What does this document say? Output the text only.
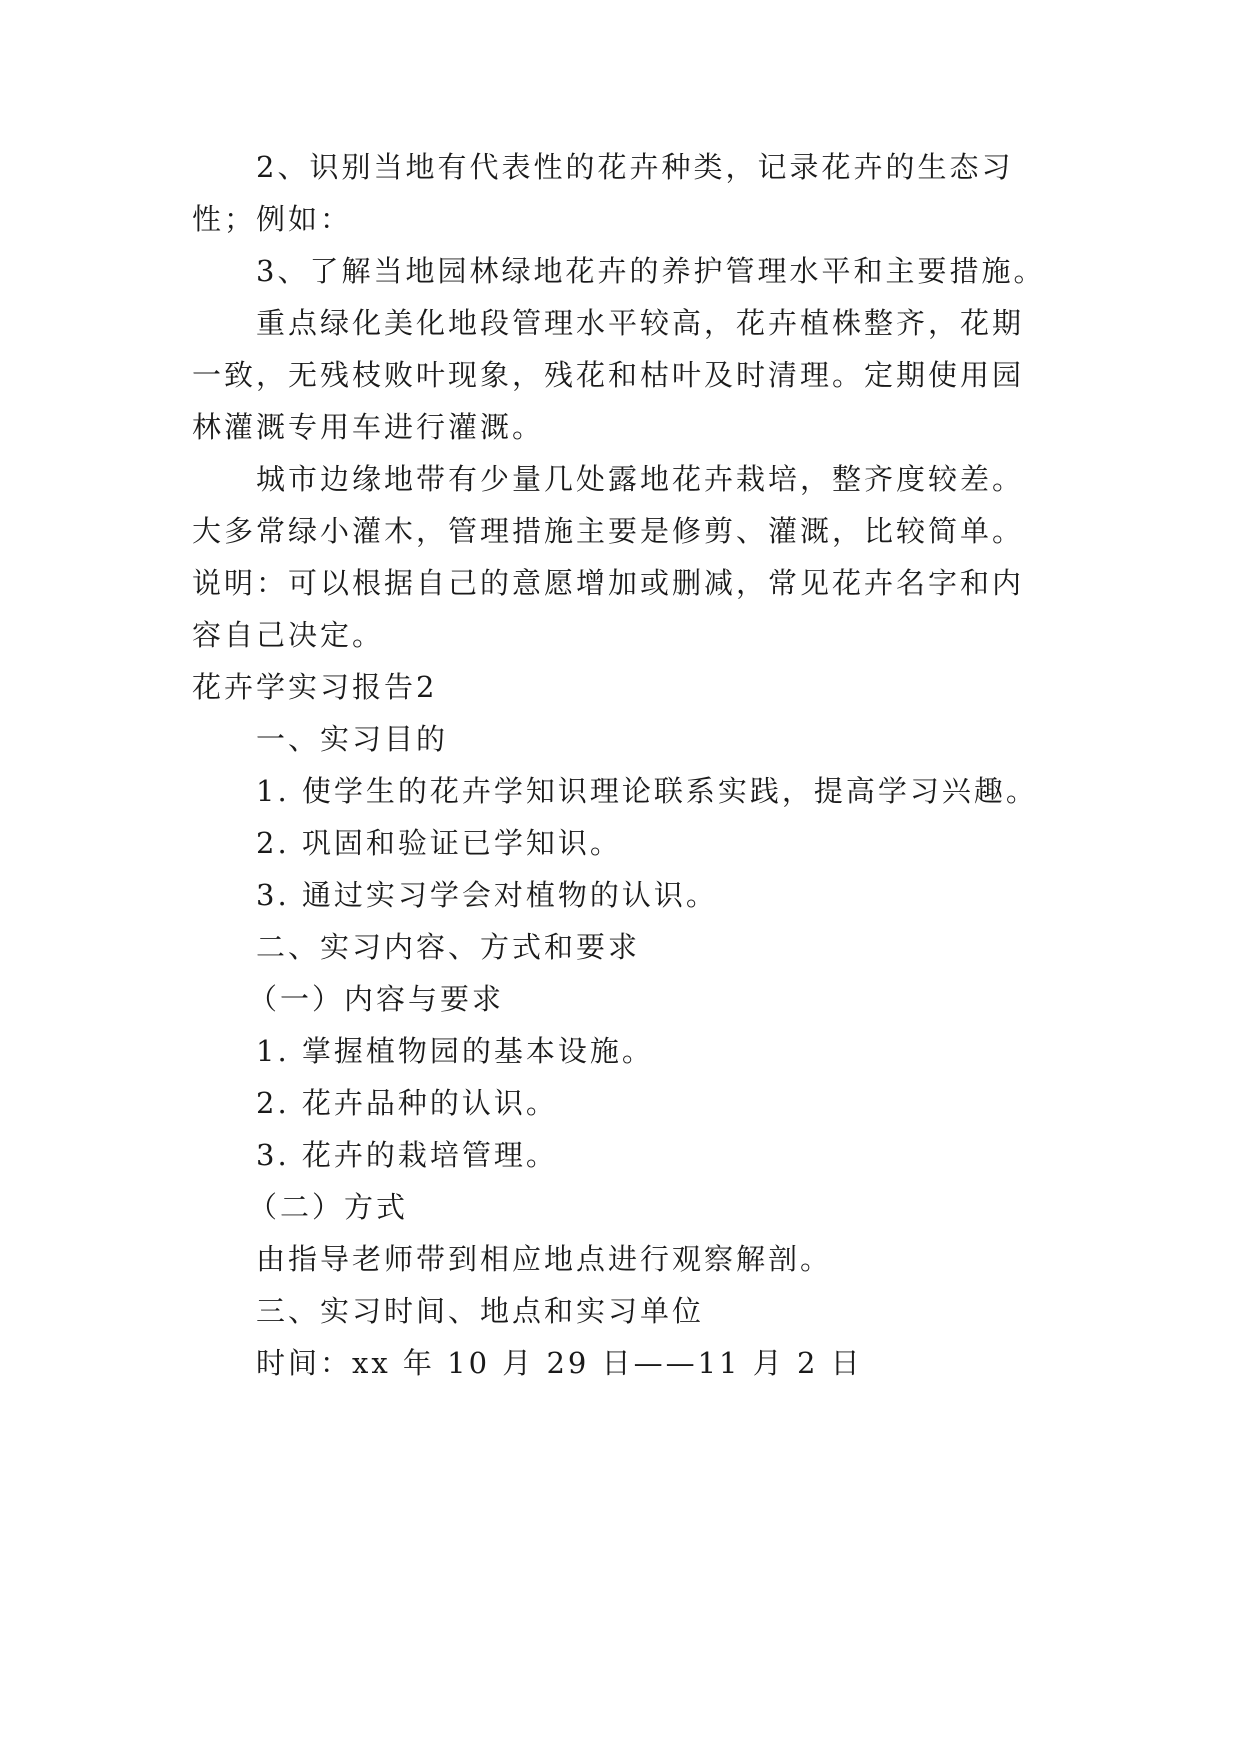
2、识别当地有代表性的花卉种类，记录花卉的生态习
性；例如：
3、了解当地园林绿地花卉的养护管理水平和主要措施。
重点绿化美化地段管理水平较高，花卉植株整齐，花期
一致，无残枝败叶现象，残花和枯叶及时清理。定期使用园
林灌溉专用车进行灌溉。
城市边缘地带有少量几处露地花卉栽培，整齐度较差。
大多常绿小灌木，管理措施主要是修剪、灌溉，比较简单。
说明：可以根据自己的意愿增加或删减，常见花卉名字和内
容自己决定。
花卉学实习报告2
一、实习目的
1. 使学生的花卉学知识理论联系实践，提高学习兴趣。
2. 巩固和验证已学知识。
3. 通过实习学会对植物的认识。
二、实习内容、方式和要求
（一）内容与要求
1. 掌握植物园的基本设施。
2. 花卉品种的认识。
3. 花卉的栽培管理。
（二）方式
由指导老师带到相应地点进行观察解剖。
三、实习时间、地点和实习单位
时间：xx 年 10 月 29 日——11 月 2 日
